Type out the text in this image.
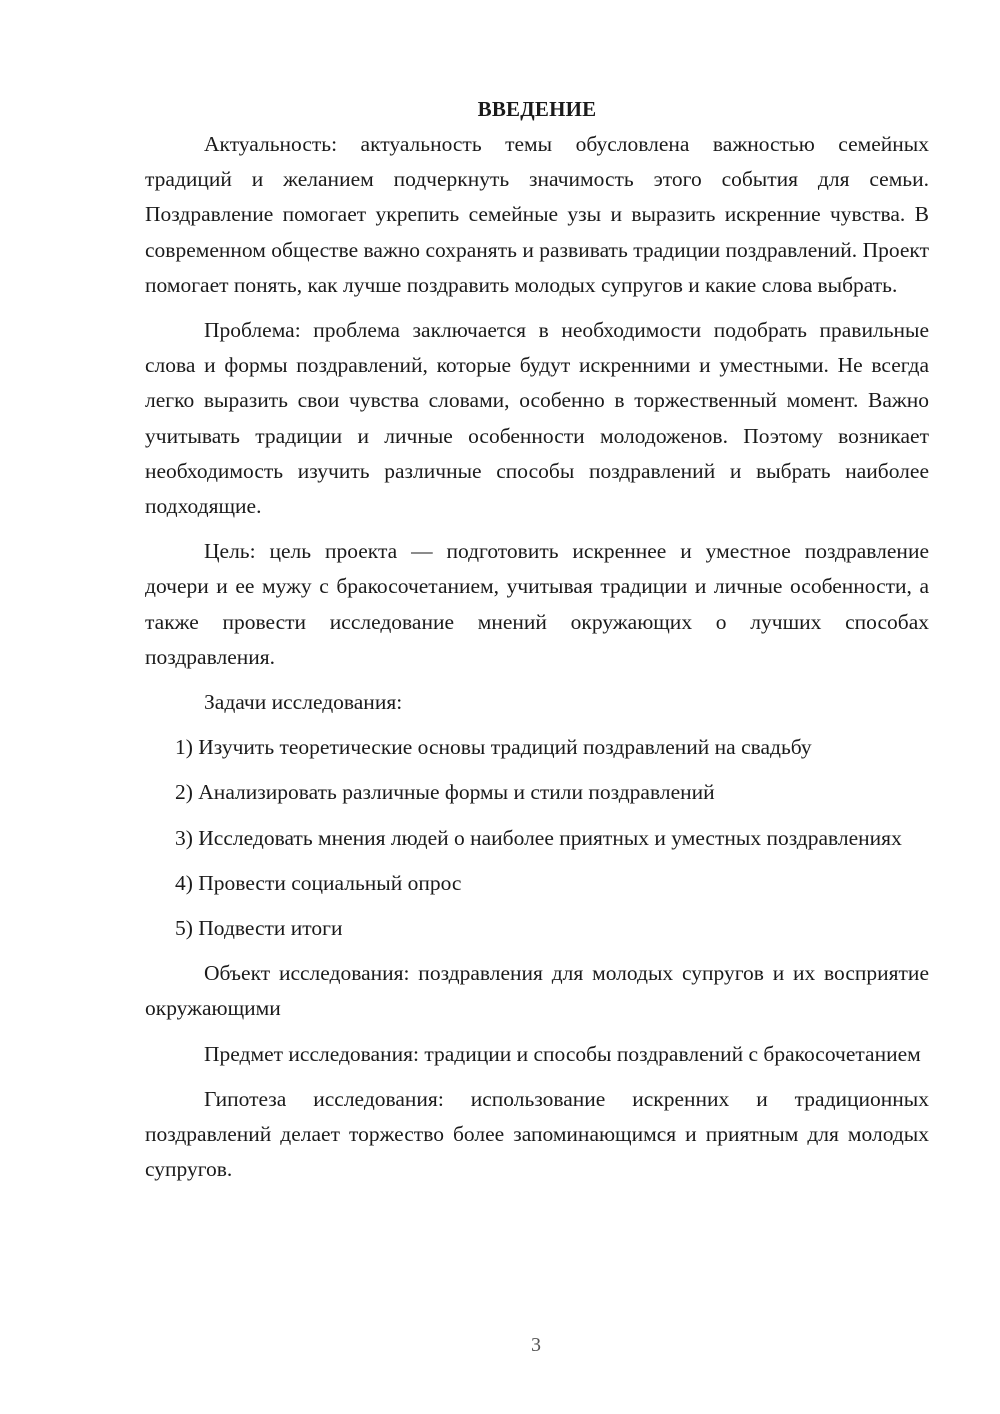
ВВЕДЕНИЕ

Актуальность: актуальность темы обусловлена важностью семейных традиций и желанием подчеркнуть значимость этого события для семьи. Поздравление помогает укрепить семейные узы и выразить искренние чувства. В современном обществе важно сохранять и развивать традиции поздравлений. Проект помогает понять, как лучше поздравить молодых супругов и какие слова выбрать.

Проблема: проблема заключается в необходимости подобрать правильные слова и формы поздравлений, которые будут искренними и уместными. Не всегда легко выразить свои чувства словами, особенно в торжественный момент. Важно учитывать традиции и личные особенности молодоженов. Поэтому возникает необходимость изучить различные способы поздравлений и выбрать наиболее подходящие.

Цель: цель проекта — подготовить искреннее и уместное поздравление дочери и ее мужу с бракосочетанием, учитывая традиции и личные особенности, а также провести исследование мнений окружающих о лучших способах поздравления.

Задачи исследования:

1) Изучить теоретические основы традиций поздравлений на свадьбу

2) Анализировать различные формы и стили поздравлений

3) Исследовать мнения людей о наиболее приятных и уместных поздравлениях

4) Провести социальный опрос

5) Подвести итоги

Объект исследования: поздравления для молодых супругов и их восприятие окружающими

Предмет исследования: традиции и способы поздравлений с бракосочетанием

Гипотеза исследования: использование искренних и традиционных поздравлений делает торжество более запоминающимся и приятным для молодых супругов.

3
